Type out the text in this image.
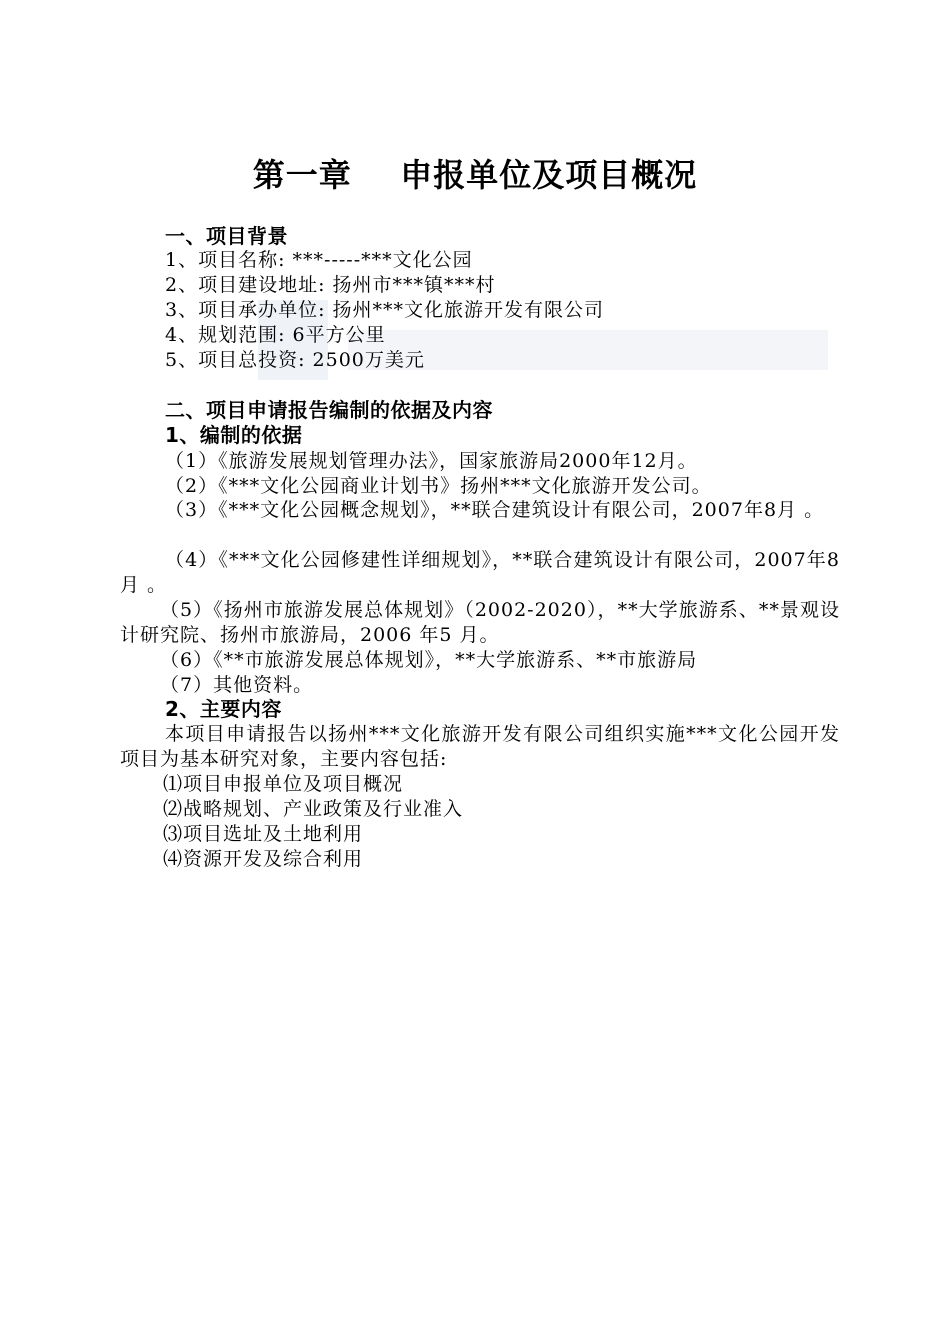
第一章    申报单位及项目概况
一、项目背景
1、项目名称: ***-----***文化公园
2、项目建设地址: 扬州市***镇***村
3、项目承办单位: 扬州***文化旅游开发有限公司
4、规划范围: 6平方公里
5、项目总投资: 2500万美元
二、项目申请报告编制的依据及内容
1、编制的依据
（1）《旅游发展规划管理办法》，国家旅游局2000年12月。
（2）《***文化公园商业计划书》扬州***文化旅游开发公司。
（3）《***文化公园概念规划》，**联合建筑设计有限公司，2007年8月 。
（4）《***文化公园修建性详细规划》，**联合建筑设计有限公司，2007年8月 。
（5）《扬州市旅游发展总体规划》（2002-2020），**大学旅游系、**景观设计研究院、扬州市旅游局，2006 年5 月。
（6）《**市旅游发展总体规划》，**大学旅游系、**市旅游局
（7）其他资料。
2、主要内容
本项目申请报告以扬州***文化旅游开发有限公司组织实施***文化公园开发项目为基本研究对象，主要内容包括:
⑴项目申报单位及项目概况
⑵战略规划、产业政策及行业准入
⑶项目选址及土地利用
⑷资源开发及综合利用
